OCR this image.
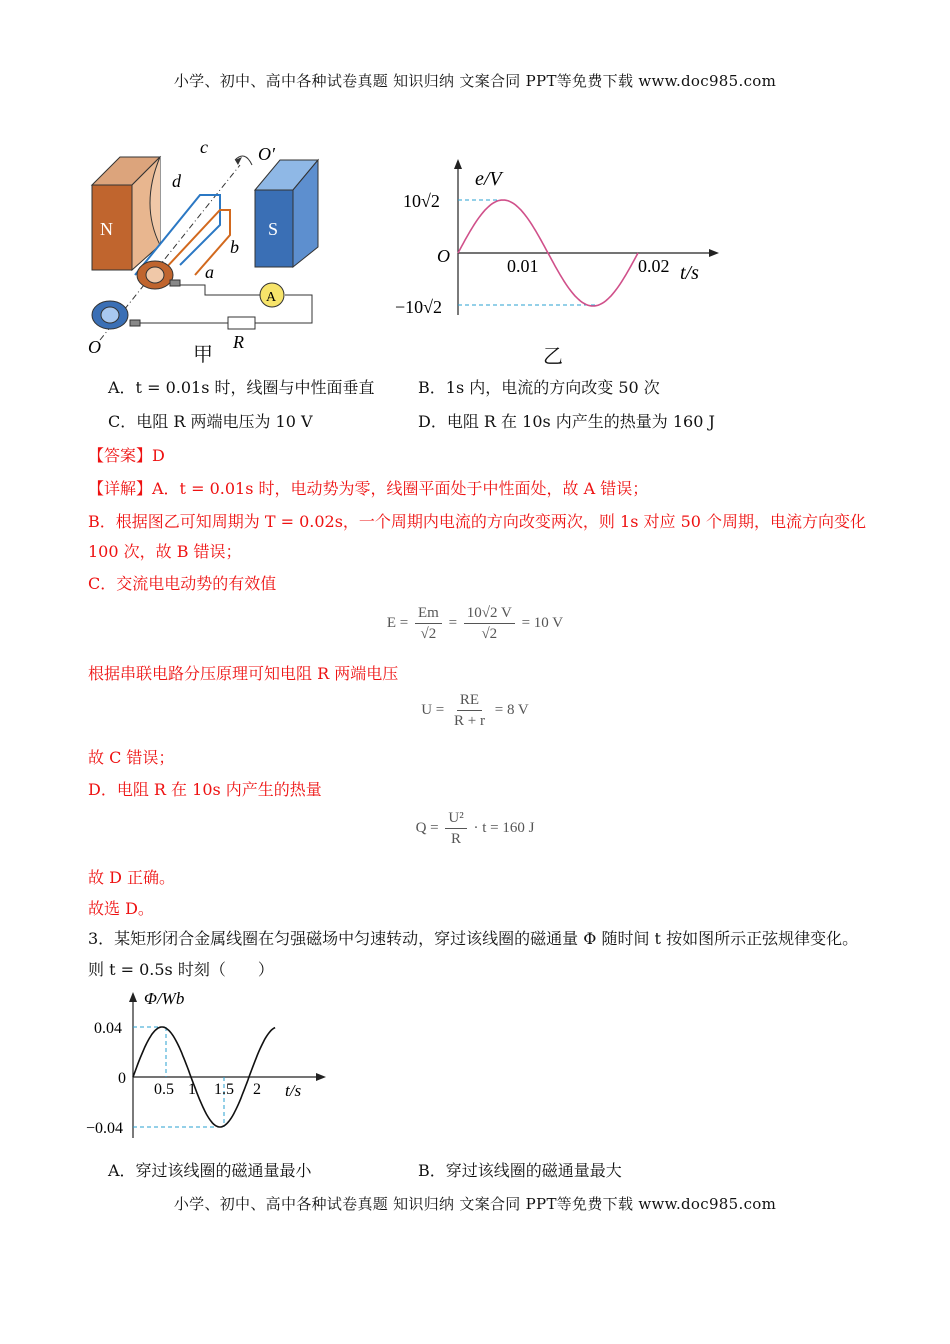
小学、初中、高中各种试卷真题 知识归纳 文案合同 PPT等免费下载 www.doc985.com
N	S
A
c
d
b
a
O′
O	R
甲
e/V
t/s
10√2
−10√2
O	0.01	0.02
乙
A．t = 0.01s 时，线圈与中性面垂直	B．1s 内，电流的方向改变 50 次
C．电阻 R 两端电压为 10 V	D．电阻 R 在 10s 内产生的热量为 160 J
【答案】D
【详解】A．t = 0.01s 时，电动势为零，线圈平面处于中性面处，故 A 错误；
B．根据图乙可知周期为 T = 0.02s，一个周期内电流的方向改变两次，则 1s 对应 50 个周期，电流方向变化
100 次，故 B 错误；
C．交流电电动势的有效值
$E = \frac{Em}{√2} = \frac{10√2 V}{√2} = 10$ V
根据串联电路分压原理可知电阻 R 两端电压
$U = \frac{RE}{R + r} = 8$ V
故 C 错误；
D．电阻 R 在 10s 内产生的热量
$Q = \frac{\text{U²}}{R} \cdot t = 160$ J
故 D 正确。
故选 D。
3．某矩形闭合金属线圈在匀强磁场中匀速转动，穿过该线圈的磁通量 Φ 随时间 t 按如图所示正弦规律变化。
则 t = 0.5s 时刻（　　）
Φ/Wb
t/s
0.04
0
−0.04
0.5 1 1.5 2
A．穿过该线圈的磁通量最小	B．穿过该线圈的磁通量最大
小学、初中、高中各种试卷真题 知识归纳 文案合同 PPT等免费下载 www.doc985.com
